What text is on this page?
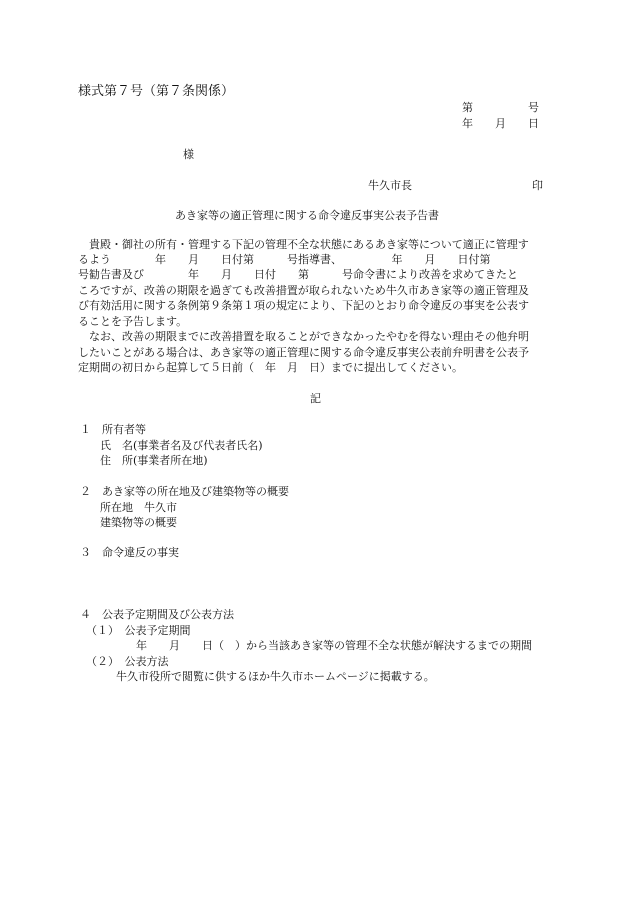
様式第７号（第７条関係）
第　　　　　号
年　　月　　日
様
牛久市長	印
あき家等の適正管理に関する命令違反事実公表予告書
　貴殿・御社の所有・管理する下記の管理不全な状態にあるあき家等について適正に管理す
るよう　　　　年　　月　　日付第　　　号指導書、　　　　　年　　月　　日付第
号勧告書及び　　　　年　　月　　日付　　第　　　号命令書により改善を求めてきたと
ころですが、改善の期限を過ぎても改善措置が取られないため牛久市あき家等の適正管理及
び有効活用に関する条例第９条第１項の規定により、下記のとおり命令違反の事実を公表す
ることを予告します。
　なお、改善の期限までに改善措置を取ることができなかったやむを得ない理由その他弁明
したいことがある場合は、あき家等の適正管理に関する命令違反事実公表前弁明書を公表予
定期間の初日から起算して５日前（　年　月　日）までに提出してください。
記
１　所有者等
氏　名(事業者名及び代表者氏名)
住　所(事業者所在地)
２　あき家等の所在地及び建築物等の概要
所在地　牛久市
建築物等の概要
３　命令違反の事実
４　公表予定期間及び公表方法
（１）　公表予定期間
年　　月　　日（　）から当該あき家等の管理不全な状態が解決するまでの期間
（２）　公表方法
牛久市役所で閲覧に供するほか牛久市ホームページに掲載する。
